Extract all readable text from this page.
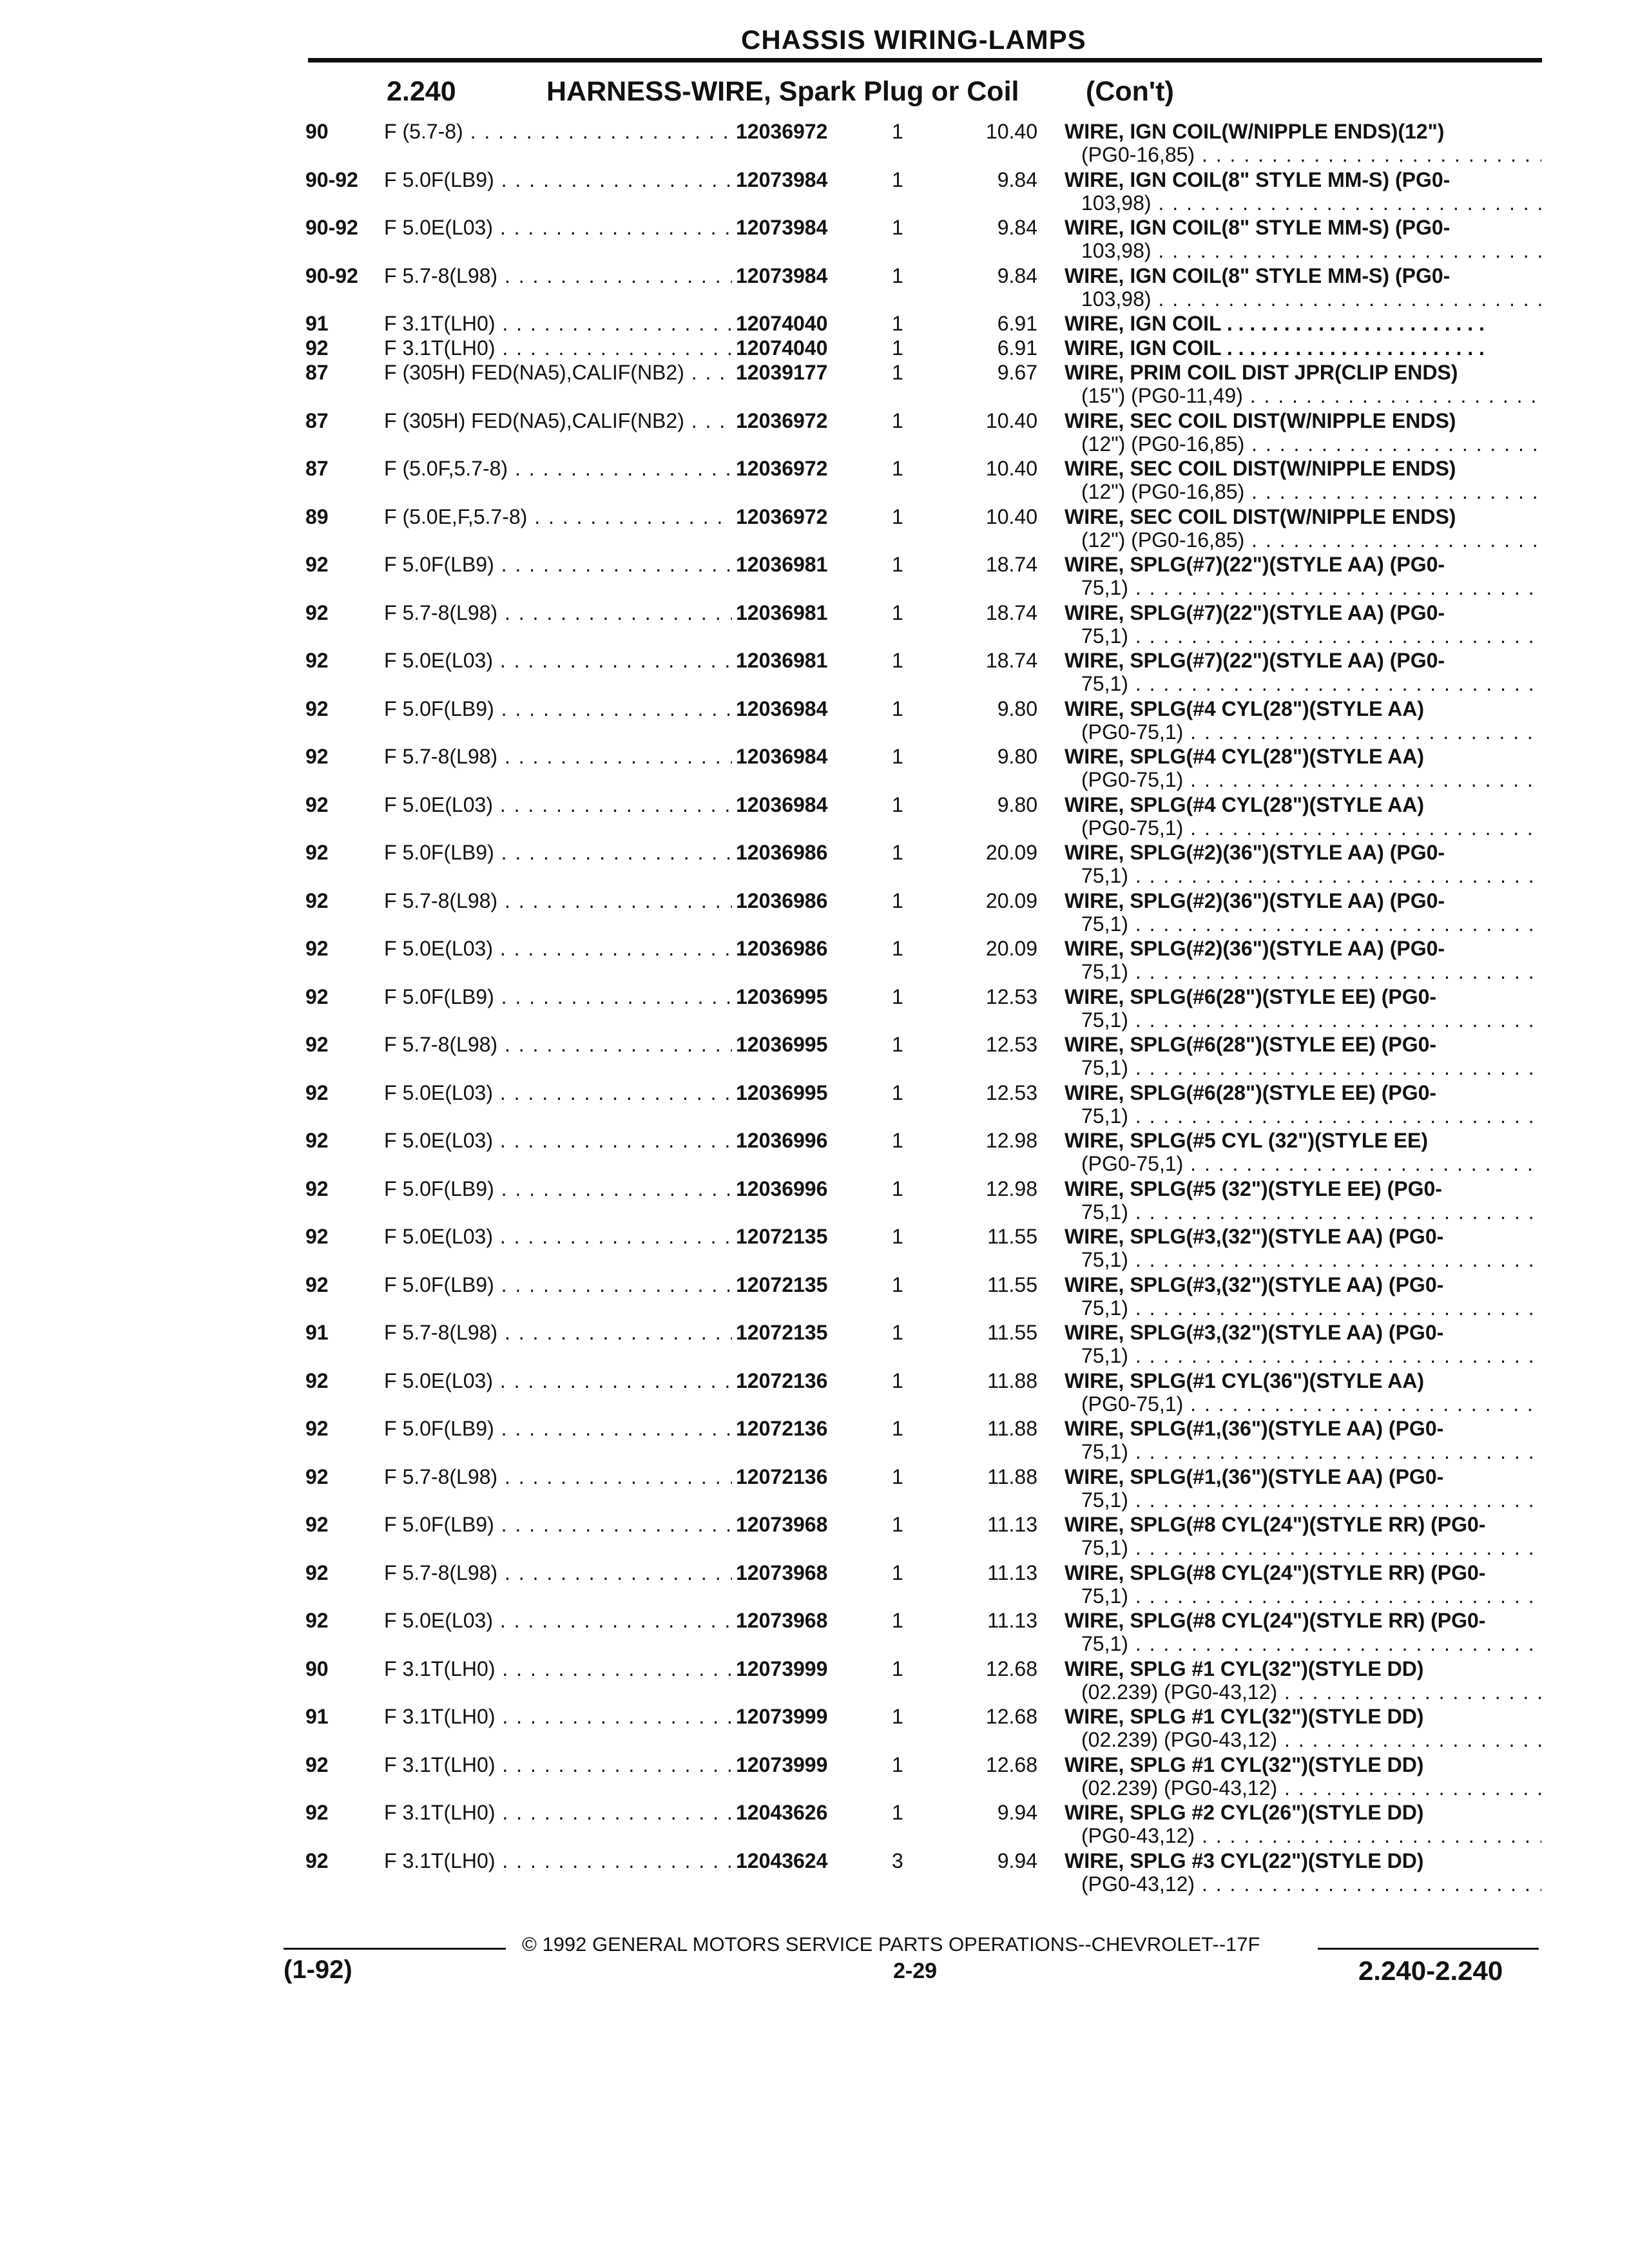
CHASSIS WIRING-LAMPS
2.240	HARNESS-WIRE, Spark Plug or Coil (Con't)
90	F (5.7-8) . . .	12036972	1	10.40 WIRE, IGN COIL(W/NIPPLE ENDS)(12")
(PG0-16,85) . . .
90-92	F 5.0F(LB9) . . .	12073984	1	9.84 WIRE, IGN COIL(8" STYLE MM-S) (PG0-
103,98) . . .
90-92	F 5.0E(L03) . . .	12073984	1	9.84 WIRE, IGN COIL(8" STYLE MM-S) (PG0-
103,98) . . .
90-92	F 5.7-8(L98) . . .	12073984	1	9.84 WIRE, IGN COIL(8" STYLE MM-S) (PG0-
103,98) . . .
91	F 3.1T(LH0) . . .	12074040	1	6.91 WIRE, IGN COIL . . . . . . . . . . . . . . . . . . . . . . .
92	F 3.1T(LH0) . . .	12074040	1	6.91 WIRE, IGN COIL . . . . . . . . . . . . . . . . . . . . . . .
87	F (305H) FED(NA5),CALIF(NB2) . . .	12039177	1	9.67 WIRE, PRIM COIL DIST JPR(CLIP ENDS)
(15") (PG0-11,49) . . .
87	F (305H) FED(NA5),CALIF(NB2) . . .	12036972	1	10.40 WIRE, SEC COIL DIST(W/NIPPLE ENDS)
(12") (PG0-16,85) . . .
87	F (5.0F,5.7-8) . . .	12036972	1	10.40 WIRE, SEC COIL DIST(W/NIPPLE ENDS)
(12") (PG0-16,85) . . .
89	F (5.0E,F,5.7-8) . . .	12036972	1	10.40 WIRE, SEC COIL DIST(W/NIPPLE ENDS)
(12") (PG0-16,85) . . .
92	F 5.0F(LB9) . . .	12036981	1	18.74 WIRE, SPLG(#7)(22")(STYLE AA) (PG0-
75,1) . . .
92	F 5.7-8(L98) . . .	12036981	1	18.74 WIRE, SPLG(#7)(22")(STYLE AA) (PG0-
75,1) . . .
92	F 5.0E(L03) . . .	12036981	1	18.74 WIRE, SPLG(#7)(22")(STYLE AA) (PG0-
75,1) . . .
92	F 5.0F(LB9) . . .	12036984	1	9.80 WIRE, SPLG(#4 CYL(28")(STYLE AA)
(PG0-75,1) . . .
92	F 5.7-8(L98) . . .	12036984	1	9.80 WIRE, SPLG(#4 CYL(28")(STYLE AA)
(PG0-75,1) . . .
92	F 5.0E(L03) . . .	12036984	1	9.80 WIRE, SPLG(#4 CYL(28")(STYLE AA)
(PG0-75,1) . . .
92	F 5.0F(LB9) . . .	12036986	1	20.09 WIRE, SPLG(#2)(36")(STYLE AA) (PG0-
75,1) . . .
92	F 5.7-8(L98) . . .	12036986	1	20.09 WIRE, SPLG(#2)(36")(STYLE AA) (PG0-
75,1) . . .
92	F 5.0E(L03) . . .	12036986	1	20.09 WIRE, SPLG(#2)(36")(STYLE AA) (PG0-
75,1) . . .
92	F 5.0F(LB9) . . .	12036995	1	12.53 WIRE, SPLG(#6(28")(STYLE EE) (PG0-
75,1) . . .
92	F 5.7-8(L98) . . .	12036995	1	12.53 WIRE, SPLG(#6(28")(STYLE EE) (PG0-
75,1) . . .
92	F 5.0E(L03) . . .	12036995	1	12.53 WIRE, SPLG(#6(28")(STYLE EE) (PG0-
75,1) . . .
92	F 5.0E(L03) . . .	12036996	1	12.98 WIRE, SPLG(#5 CYL (32")(STYLE EE)
(PG0-75,1) . . .
92	F 5.0F(LB9) . . .	12036996	1	12.98 WIRE, SPLG(#5 (32")(STYLE EE) (PG0-
75,1) . . .
92	F 5.0E(L03) . . .	12072135	1	11.55 WIRE, SPLG(#3,(32")(STYLE AA) (PG0-
75,1) . . .
92	F 5.0F(LB9) . . .	12072135	1	11.55 WIRE, SPLG(#3,(32")(STYLE AA) (PG0-
75,1) . . .
91	F 5.7-8(L98) . . .	12072135	1	11.55 WIRE, SPLG(#3,(32")(STYLE AA) (PG0-
75,1) . . .
92	F 5.0E(L03) . . .	12072136	1	11.88 WIRE, SPLG(#1 CYL(36")(STYLE AA)
(PG0-75,1) . . .
92	F 5.0F(LB9) . . .	12072136	1	11.88 WIRE, SPLG(#1,(36")(STYLE AA) (PG0-
75,1) . . .
92	F 5.7-8(L98) . . .	12072136	1	11.88 WIRE, SPLG(#1,(36")(STYLE AA) (PG0-
75,1) . . .
92	F 5.0F(LB9) . . .	12073968	1	11.13 WIRE, SPLG(#8 CYL(24")(STYLE RR) (PG0-
75,1) . . .
92	F 5.7-8(L98) . . .	12073968	1	11.13 WIRE, SPLG(#8 CYL(24")(STYLE RR) (PG0-
75,1) . . .
92	F 5.0E(L03) . . .	12073968	1	11.13 WIRE, SPLG(#8 CYL(24")(STYLE RR) (PG0-
75,1) . . .
90	F 3.1T(LH0) . . .	12073999	1	12.68 WIRE, SPLG #1 CYL(32")(STYLE DD)
(02.239) (PG0-43,12) . . .
91	F 3.1T(LH0) . . .	12073999	1	12.68 WIRE, SPLG #1 CYL(32")(STYLE DD)
(02.239) (PG0-43,12) . . .
92	F 3.1T(LH0) . . .	12073999	1	12.68 WIRE, SPLG #1 CYL(32")(STYLE DD)
(02.239) (PG0-43,12) . . .
92	F 3.1T(LH0) . . .	12043626	1	9.94 WIRE, SPLG #2 CYL(26")(STYLE DD)
(PG0-43,12) . . .
92	F 3.1T(LH0) . . .	12043624	3	9.94 WIRE, SPLG #3 CYL(22")(STYLE DD)
(PG0-43,12) . . .
© 1992 GENERAL MOTORS SERVICE PARTS OPERATIONS--CHEVROLET--17F
(1-92)	2-29	2.240-2.240
